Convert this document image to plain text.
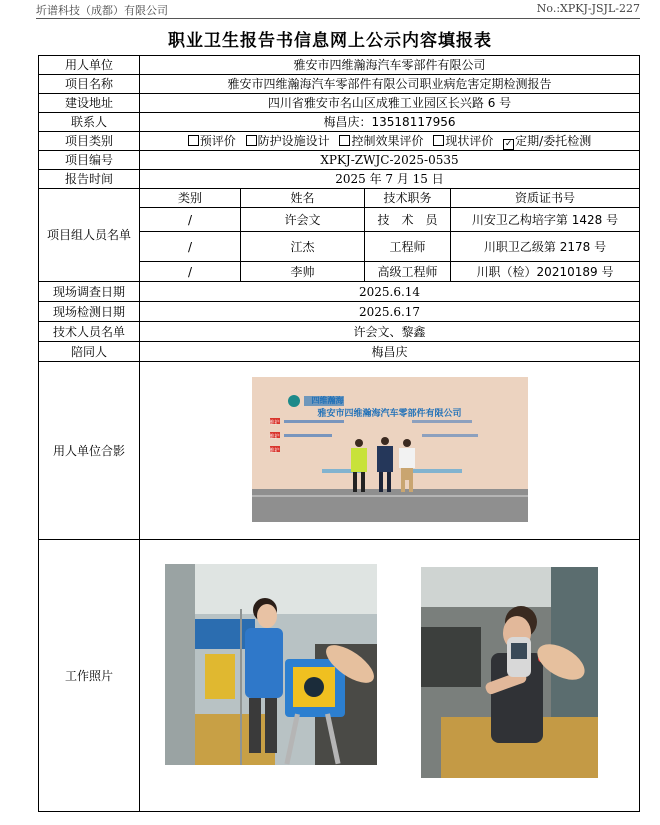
圻谱科技（成都）有限公司	No.:XPKJ-JSJL-227
职业卫生报告书信息网上公示内容填报表
用人单位	雅安市四维瀚海汽车零部件有限公司			
项目名称	雅安市四维瀚海汽车零部件有限公司职业病危害定期检测报告			
建设地址	四川省雅安市名山区成雅工业园区长兴路 6 号			
联系人	梅昌庆：13518117956			
项目类别	预评价 防护设施设计 控制效果评价 现状评价 ✓ 定期/委托检测			
项目编号	XPKJ-ZWJC-2025-0535			
报告时间	2025 年 7 月 15 日			

项目组人员名单	类别	姓名	技术职务	资质证书号
	/	许会文	技　术　员	川安卫乙构培字第 1428 号
	/	江杰	工程师	川职卫乙级第 2178 号
	/	李帅	高级工程师	川职（检）20210189 号
现场调查日期	2025.6.14			
现场检测日期	2025.6.17			
技术人员名单	许会文、黎鑫			
陪同人	梅昌庆			
用人单位合影	四维瀚海
雅安市四维瀚海汽车零部件有限公司
维护
维护
维护			

工作照片	
